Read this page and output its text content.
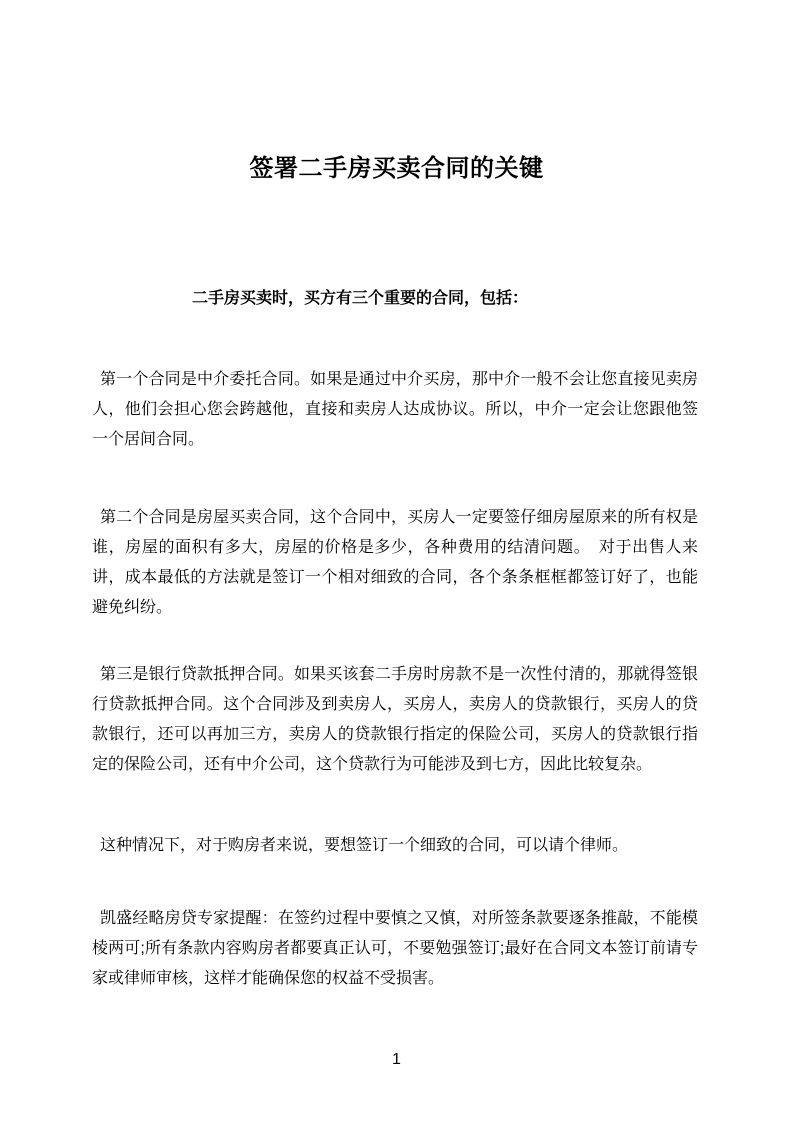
签署二手房买卖合同的关键
二手房买卖时，买方有三个重要的合同，包括：
第一个合同是中介委托合同。如果是通过中介买房，那中介一般不会让您直接见卖房人，他们会担心您会跨越他，直接和卖房人达成协议。所以，中介一定会让您跟他签一个居间合同。
第二个合同是房屋买卖合同，这个合同中，买房人一定要签仔细房屋原来的所有权是谁，房屋的面积有多大，房屋的价格是多少，各种费用的结清问题。　对于出售人来讲，成本最低的方法就是签订一个相对细致的合同，各个条条框框都签订好了，也能避免纠纷。
第三是银行贷款抵押合同。如果买该套二手房时房款不是一次性付清的，那就得签银行贷款抵押合同。这个合同涉及到卖房人，买房人，卖房人的贷款银行，买房人的贷款银行，还可以再加三方，卖房人的贷款银行指定的保险公司，买房人的贷款银行指定的保险公司，还有中介公司，这个贷款行为可能涉及到七方，因此比较复杂。
这种情况下，对于购房者来说，要想签订一个细致的合同，可以请个律师。
凯盛经略房贷专家提醒：在签约过程中要慎之又慎，对所签条款要逐条推敲，不能模棱两可;所有条款内容购房者都要真正认可，不要勉强签订;最好在合同文本签订前请专家或律师审核，这样才能确保您的权益不受损害。
1
